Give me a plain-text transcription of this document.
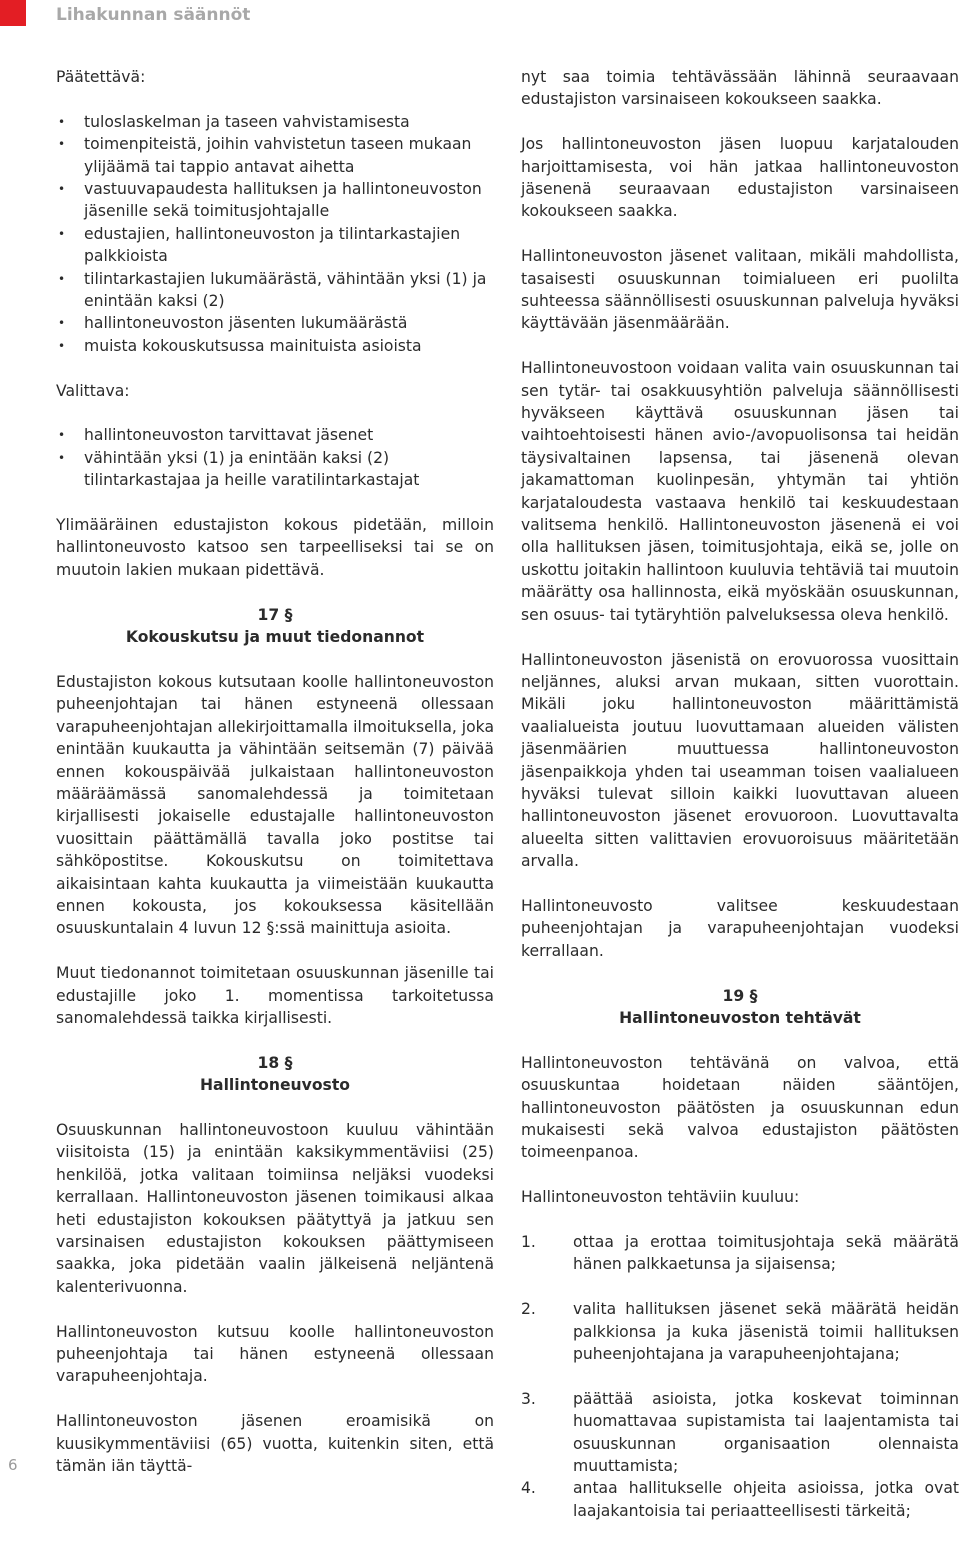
Lihakunnan säännöt
Päätettävä:
• tuloslaskelman ja taseen vahvistamisesta
• toimenpiteistä, joihin vahvistetun taseen mukaan ylijäämä tai tappio antavat aihetta
• vastuuvapaudesta hallituksen ja hallintoneuvoston jäsenille sekä toimitusjohtajalle
• edustajien, hallintoneuvoston ja tilintarkastajien palkkioista
• tilintarkastajien lukumäärästä, vähintään yksi (1) ja enintään kaksi (2)
• hallintoneuvoston jäsenten lukumäärästä
• muista kokouskutsussa mainituista asioista
Valittava:
• hallintoneuvoston tarvittavat jäsenet
• vähintään yksi (1) ja enintään kaksi (2) tilintarkastajaa ja heille varatilintarkastajat

Ylimääräinen edustajiston kokous pidetään, milloin hallintoneuvosto katsoo sen tarpeelliseksi tai se on muutoin lakien mukaan pidettävä.

17 §
Kokouskutsu ja muut tiedonannot

Edustajiston kokous kutsutaan koolle hallintoneuvoston puheenjohtajan tai hänen estyneenä ollessaan varapuheenjohtajan allekirjoittamalla ilmoituksella, joka enintään kuukautta ja vähintään seitsemän (7) päivää ennen kokouspäivää julkaistaan hallintoneuvoston määräämässä sanomalehdessä ja toimitetaan kirjallisesti jokaiselle edustajalle hallintoneuvoston vuosittain päättämällä tavalla joko postitse tai sähköpostitse. Kokouskutsu on toimitettava aikaisintaan kahta kuukautta ja viimeistään kuukautta ennen kokousta, jos kokouksessa käsitellään osuuskuntalain 4 luvun 12 §:ssä mainittuja asioita.

Muut tiedonannot toimitetaan osuuskunnan jäsenille tai edustajille joko 1. momentissa tarkoitetussa sanomalehdessä taikka kirjallisesti.

18 §
Hallintoneuvosto

Osuuskunnan hallintoneuvostoon kuuluu vähintään viisitoista (15) ja enintään kaksikymmentäviisi (25) henkilöä, jotka valitaan toimiinsa neljäksi vuodeksi kerrallaan. Hallintoneuvoston jäsenen toimikausi alkaa heti edustajiston kokouksen päätyttyä ja jatkuu sen varsinaisen edustajiston kokouksen päättymiseen saakka, joka pidetään vaalin jälkeisenä neljäntenä kalenterivuonna.

Hallintoneuvoston kutsuu koolle hallintoneuvoston puheenjohtaja tai hänen estyneenä ollessaan varapuheenjohtaja.

Hallintoneuvoston jäsenen eroamisikä on kuusikymmentäviisi (65) vuotta, kuitenkin siten, että tämän iän täyttä-

nyt saa toimia tehtävässään lähinnä seuraavaan edustajiston varsinaiseen kokoukseen saakka.

Jos hallintoneuvoston jäsen luopuu karjatalouden harjoittamisesta, voi hän jatkaa hallintoneuvoston jäsenenä seuraavaan edustajiston varsinaiseen kokoukseen saakka.

Hallintoneuvoston jäsenet valitaan, mikäli mahdollista, tasaisesti osuuskunnan toimialueen eri puolilta suhteessa säännöllisesti osuuskunnan palveluja hyväksi käyttävään jäsenmäärään.

Hallintoneuvostoon voidaan valita vain osuuskunnan tai sen tytär- tai osakkuusyhtiön palveluja säännöllisesti hyväkseen käyttävä osuuskunnan jäsen tai vaihtoehtoisesti hänen avio-/avopuolisonsa tai heidän täysivaltainen lapsensa, tai jäsenenä olevan jakamattoman kuolinpesän, yhtymän tai yhtiön karjataloudesta vastaava henkilö tai keskuudestaan valitsema henkilö. Hallintoneuvoston jäsenenä ei voi olla hallituksen jäsen, toimitusjohtaja, eikä se, jolle on uskottu joitakin hallintoon kuuluvia tehtäviä tai muutoin määrätty osa hallinnosta, eikä myöskään osuuskunnan, sen osuus- tai tytäryhtiön palveluksessa oleva henkilö.

Hallintoneuvoston jäsenistä on erovuorossa vuosittain neljännes, aluksi arvan mukaan, sitten vuorottain. Mikäli joku hallintoneuvoston määrittämistä vaalialueista joutuu luovuttamaan alueiden välisten jäsenmäärien muuttuessa hallintoneuvoston jäsenpaikkoja yhden tai useamman toisen vaalialueen hyväksi tulevat silloin kaikki luovuttavan alueen hallintoneuvoston jäsenet erovuoroon. Luovuttavalta alueelta sitten valittavien erovuoroisuus määritetään arvalla.

Hallintoneuvosto valitsee keskuudestaan puheenjohtajan ja varapuheenjohtajan vuodeksi kerrallaan.

19 §
Hallintoneuvoston tehtävät

Hallintoneuvoston tehtävänä on valvoa, että osuuskuntaa hoidetaan näiden sääntöjen, hallintoneuvoston päätösten ja osuuskunnan edun mukaisesti sekä valvoa edustajiston päätösten toimeenpanoa.

Hallintoneuvoston tehtäviin kuuluu:
1. ottaa ja erottaa toimitusjohtaja sekä määrätä hänen palkkaetunsa ja sijaisensa;
2. valita hallituksen jäsenet sekä määrätä heidän palkkionsa ja kuka jäsenistä toimii hallituksen puheenjohtajana ja varapuheenjohtajana;
3. päättää asioista, jotka koskevat toiminnan huomattavaa supistamista tai laajentamista tai osuuskunnan organisaation olennaista muuttamista;
4. antaa hallitukselle ohjeita asioissa, jotka ovat laajakantoisia tai periaatteellisesti tärkeitä;
6
